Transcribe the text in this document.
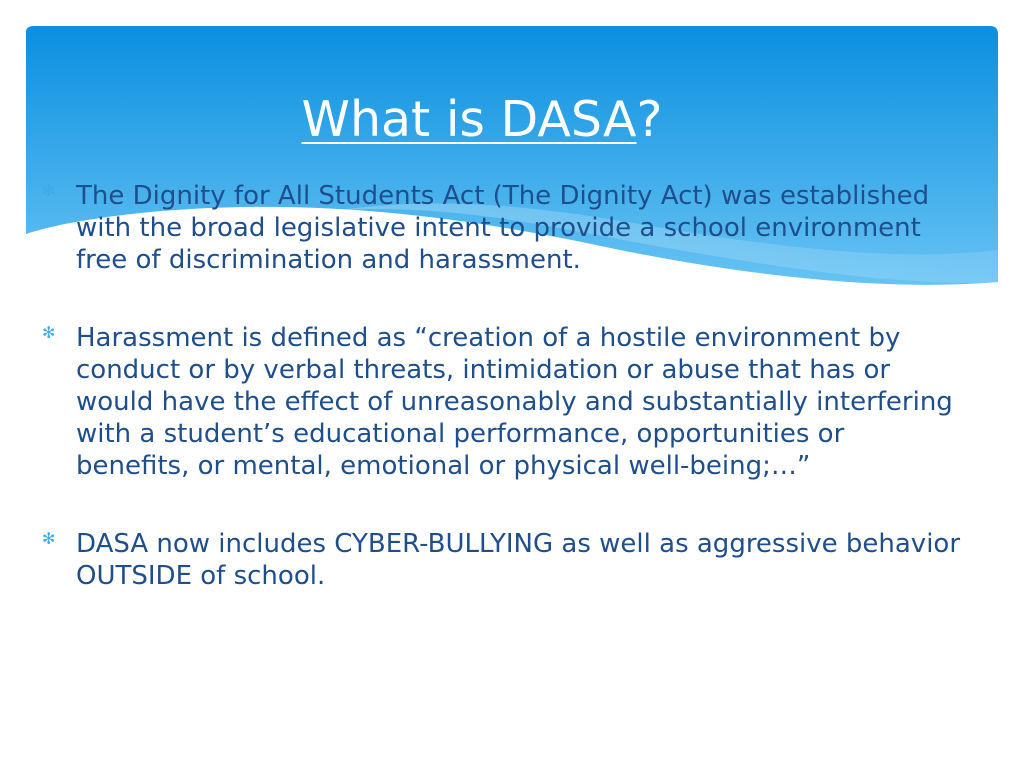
What is DASA?
✻ The Dignity for All Students Act (The Dignity Act) was established with the broad legislative intent to provide a school environment free of discrimination and harassment.
✻ Harassment is defined as “creation of a hostile environment by conduct or by verbal threats, intimidation or abuse that has or would have the effect of unreasonably and substantially interfering with a student’s educational performance, opportunities or benefits, or mental, emotional or physical well-being;…”
✻ DASA now includes CYBER-BULLYING as well as aggressive behavior OUTSIDE of school.
